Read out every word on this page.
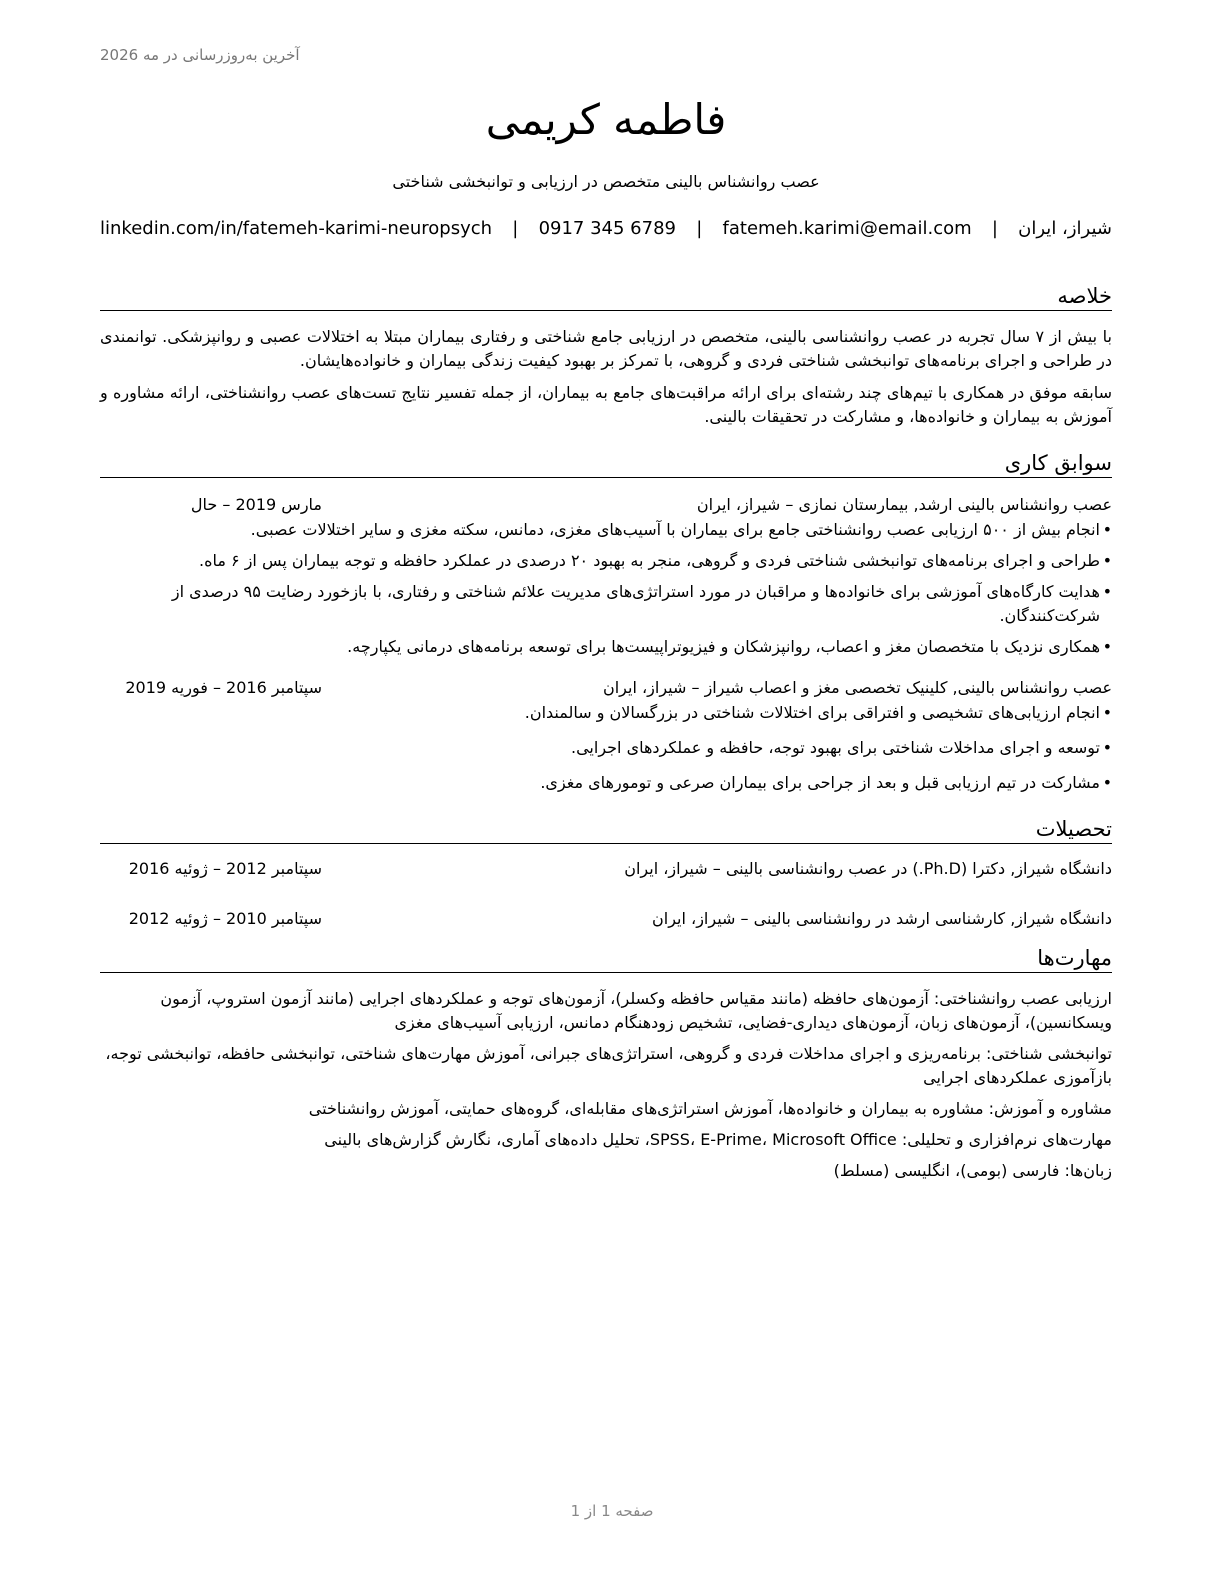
آخرین به‌روزرسانی در مه 2026
فاطمه کریمی
عصب روانشناس بالینی متخصص در ارزیابی و توانبخشی شناختی
شیراز، ایران
|
fatemeh.karimi@email.com
|
0917 345 6789
|
linkedin.com/in/fatemeh-karimi-neuropsych
خلاصه

با بیش از ۷ سال تجربه در عصب روانشناسی بالینی، متخصص در ارزیابی جامع شناختی و رفتاری بیماران مبتلا به اختلالات عصبی و روانپزشکی. توانمندی در طراحی و اجرای برنامه‌های توانبخشی شناختی فردی و گروهی، با تمرکز بر بهبود کیفیت زندگی بیماران و خانواده‌هایشان.

سابقه موفق در همکاری با تیم‌های چند رشته‌ای برای ارائه مراقبت‌های جامع به بیماران، از جمله تفسیر نتایج تست‌های عصب روانشناختی، ارائه مشاوره و آموزش به بیماران و خانواده‌ها، و مشارکت در تحقیقات بالینی.

سوابق کاری
عصب روانشناس بالینی ارشد, بیمارستان نمازی – شیراز، ایران
مارس 2019 – حال
• انجام بیش از ۵۰۰ ارزیابی عصب روانشناختی جامع برای بیماران با آسیب‌های مغزی، دمانس، سکته مغزی و سایر اختلالات عصبی.
• طراحی و اجرای برنامه‌های توانبخشی شناختی فردی و گروهی، منجر به بهبود ۲۰ درصدی در عملکرد حافظه و توجه بیماران پس از ۶ ماه.
• هدایت کارگاه‌های آموزشی برای خانواده‌ها و مراقبان در مورد استراتژی‌های مدیریت علائم شناختی و رفتاری، با بازخورد رضایت ۹۵ درصدی از شرکت‌کنندگان.
• همکاری نزدیک با متخصصان مغز و اعصاب، روانپزشکان و فیزیوتراپیست‌ها برای توسعه برنامه‌های درمانی یکپارچه.
عصب روانشناس بالینی, کلینیک تخصصی مغز و اعصاب شیراز – شیراز، ایران
سپتامبر 2016 – فوریه 2019
• انجام ارزیابی‌های تشخیصی و افتراقی برای اختلالات شناختی در بزرگسالان و سالمندان.
• توسعه و اجرای مداخلات شناختی برای بهبود توجه، حافظه و عملکردهای اجرایی.
• مشارکت در تیم ارزیابی قبل و بعد از جراحی برای بیماران صرعی و تومورهای مغزی.
تحصیلات
دانشگاه شیراز, دکترا (Ph.D.) در عصب روانشناسی بالینی – شیراز، ایران
سپتامبر 2012 – ژوئیه 2016
دانشگاه شیراز, کارشناسی ارشد در روانشناسی بالینی – شیراز، ایران
سپتامبر 2010 – ژوئیه 2012
مهارت‌ها

ارزیابی عصب روانشناختی: آزمون‌های حافظه (مانند مقیاس حافظه وکسلر)، آزمون‌های توجه و عملکردهای اجرایی (مانند آزمون استروپ، آزمون ویسکانسین)، آزمون‌های زبان، آزمون‌های دیداری-فضایی، تشخیص زودهنگام دمانس، ارزیابی آسیب‌های مغزی

توانبخشی شناختی: برنامه‌ریزی و اجرای مداخلات فردی و گروهی، استراتژی‌های جبرانی، آموزش مهارت‌های شناختی، توانبخشی حافظه، توانبخشی توجه، بازآموزی عملکردهای اجرایی

مشاوره و آموزش: مشاوره به بیماران و خانواده‌ها، آموزش استراتژی‌های مقابله‌ای، گروه‌های حمایتی، آموزش روانشناختی

مهارت‌های نرم‌افزاری و تحلیلی: SPSS، E-Prime، Microsoft Office، تحلیل داده‌های آماری، نگارش گزارش‌های بالینی

زبان‌ها: فارسی (بومی)، انگلیسی (مسلط)

صفحه 1 از 1
